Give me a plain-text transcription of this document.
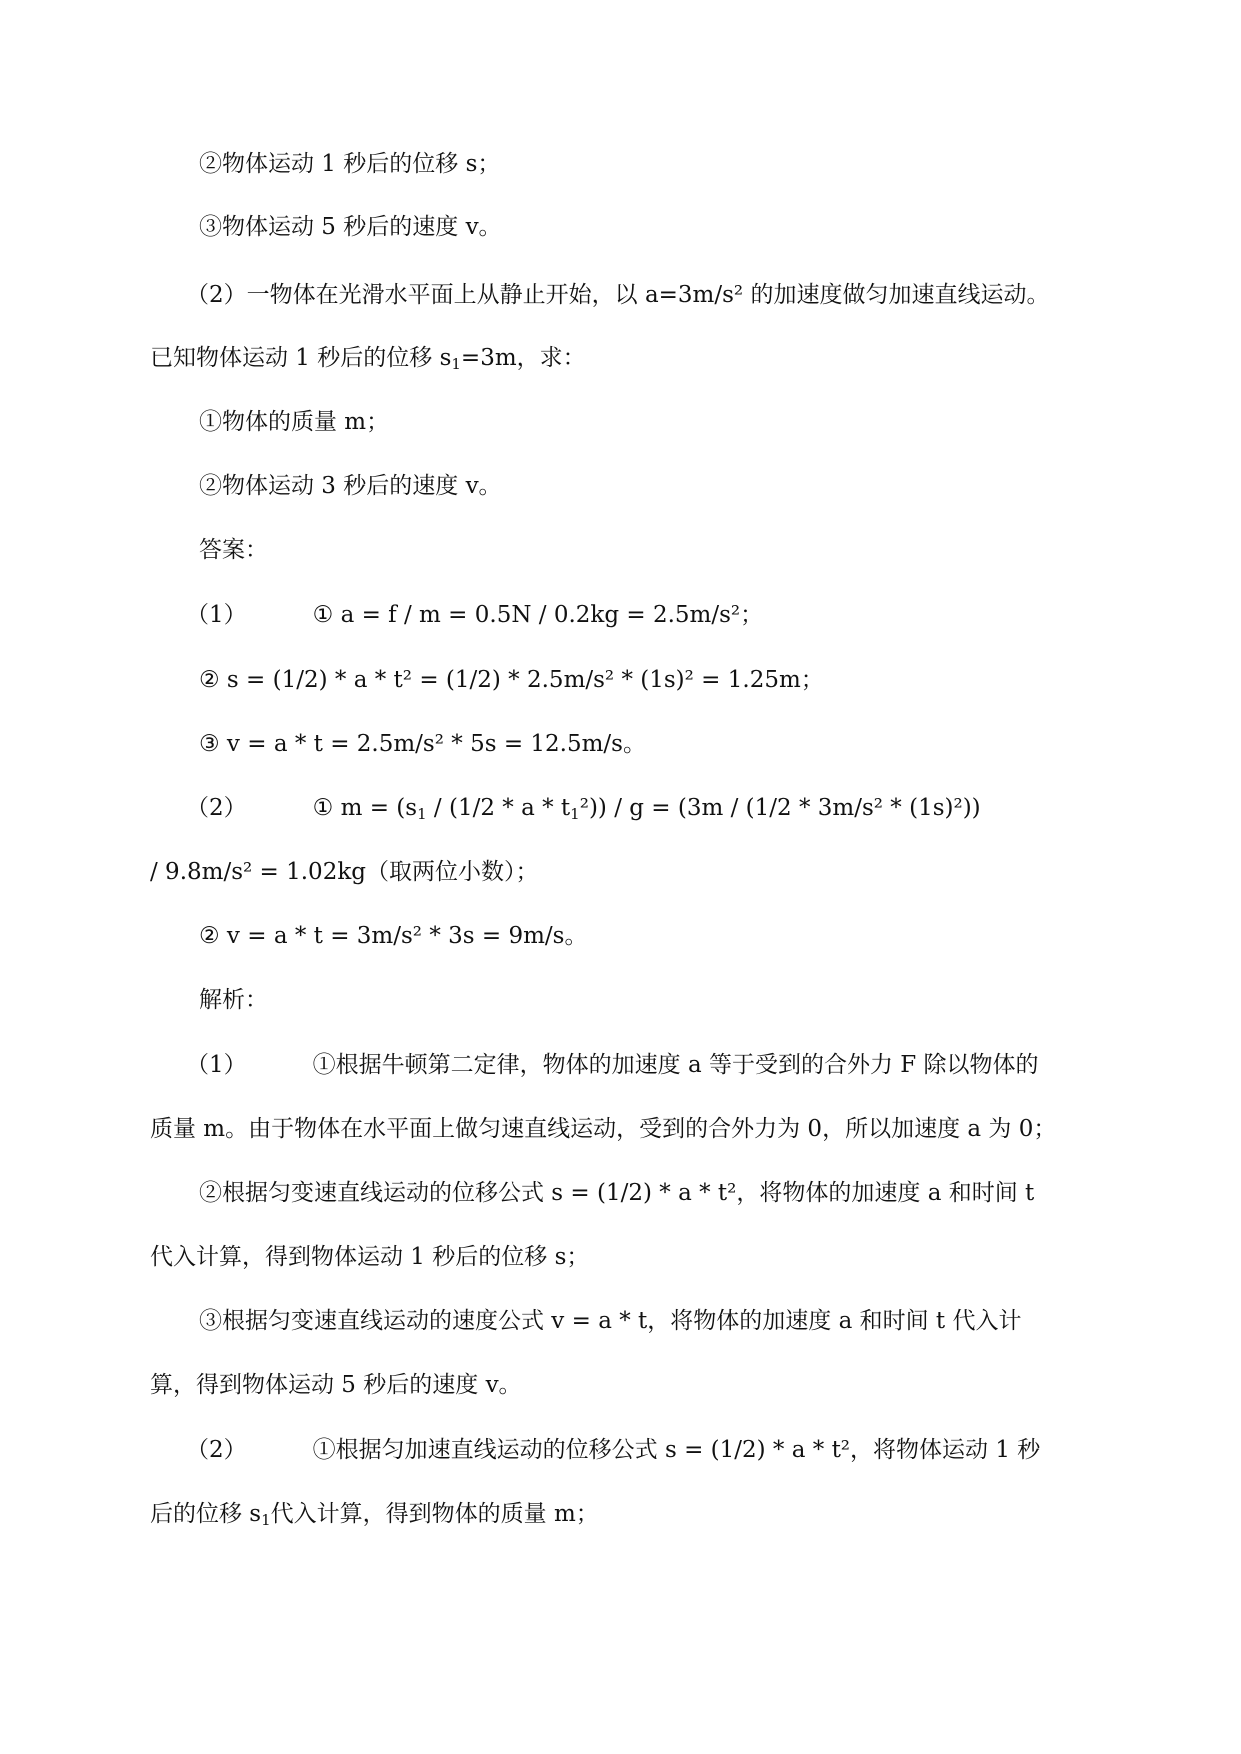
②物体运动 1 秒后的位移 s；
③物体运动 5 秒后的速度 v。
（2）一物体在光滑水平面上从静止开始，以 a=3m/s² 的加速度做匀加速直线运动。
已知物体运动 1 秒后的位移 $s_1=3m$，求：
①物体的质量 m；
②物体运动 3 秒后的速度 v。
答案：
（1）	① a = f / m = 0.5N / 0.2kg = 2.5m/s²；
② s = (1/2) * a * t² = (1/2) * 2.5m/s² * (1s)² = 1.25m；
③ v = a * t = 2.5m/s² * 5s = 12.5m/s。
（2）	① $m = (s_1 / (1/2 * a * t_1^2)) / g = (3m / (1/2 * 3m/s^2 * (1s)^2))$
/ 9.8m/s² = 1.02kg（取两位小数）；
② v = a * t = 3m/s² * 3s = 9m/s。
解析：
（1）	①根据牛顿第二定律，物体的加速度 a 等于受到的合外力 F 除以物体的
质量 m。由于物体在水平面上做匀速直线运动，受到的合外力为 0，所以加速度 a 为 0；
②根据匀变速直线运动的位移公式 s = (1/2) * a * t²，将物体的加速度 a 和时间 t
代入计算，得到物体运动 1 秒后的位移 s；
③根据匀变速直线运动的速度公式 v = a * t，将物体的加速度 a 和时间 t 代入计
算，得到物体运动 5 秒后的速度 v。
（2）	①根据匀加速直线运动的位移公式 s = (1/2) * a * t²，将物体运动 1 秒
后的位移 $s_1$代入计算，得到物体的质量 m；
